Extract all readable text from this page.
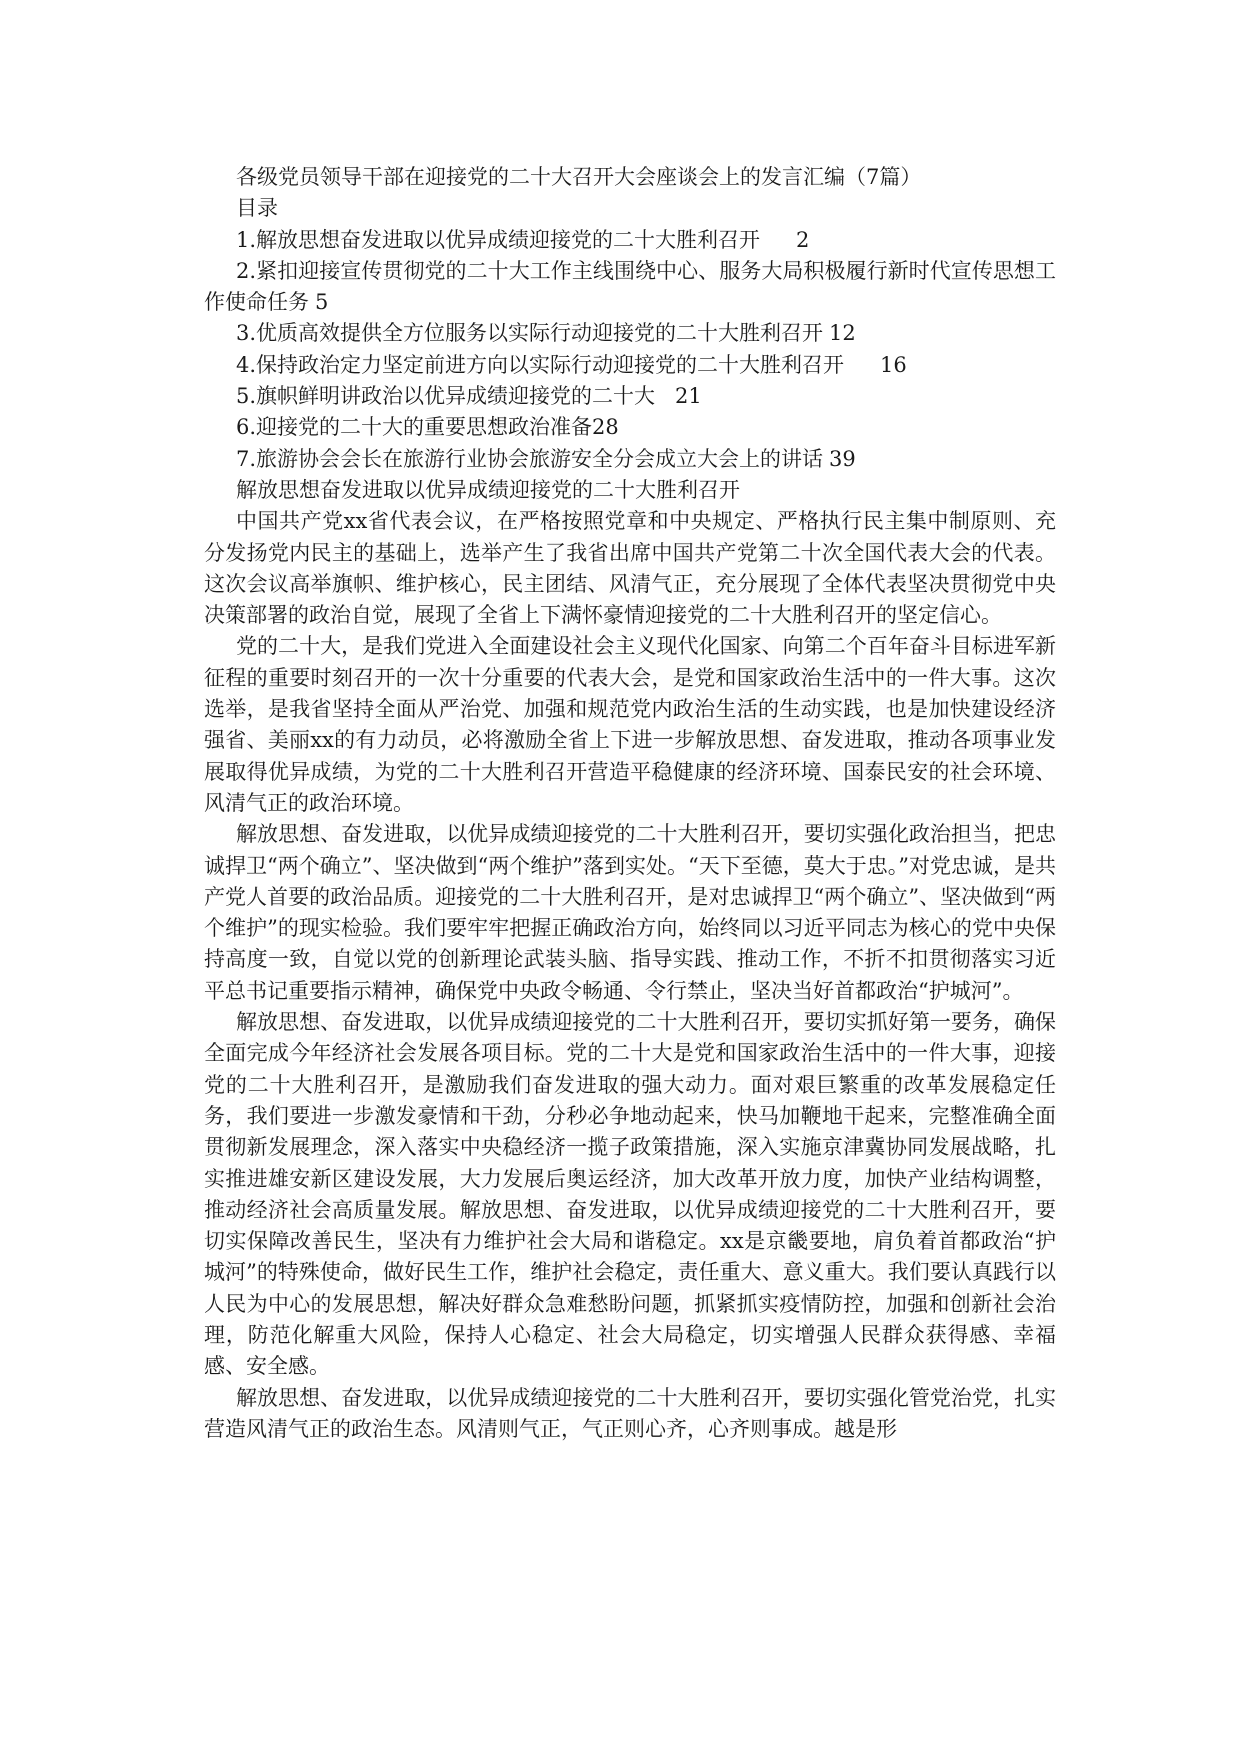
各级党员领导干部在迎接党的二十大召开大会座谈会上的发言汇编（7篇）

目录

1.解放思想奋发进取以优异成绩迎接党的二十大胜利召开 2

2.紧扣迎接宣传贯彻党的二十大工作主线围绕中心、服务大局积极履行新时代宣传思想工作使命任务 5

3.优质高效提供全方位服务以实际行动迎接党的二十大胜利召开 12

4.保持政治定力坚定前进方向以实际行动迎接党的二十大胜利召开 16

5.旗帜鲜明讲政治以优异成绩迎接党的二十大 21

6.迎接党的二十大的重要思想政治准备28

7.旅游协会会长在旅游行业协会旅游安全分会成立大会上的讲话 39

解放思想奋发进取以优异成绩迎接党的二十大胜利召开

中国共产党xx省代表会议，在严格按照党章和中央规定、严格执行民主集中制原则、充分发扬党内民主的基础上，选举产生了我省出席中国共产党第二十次全国代表大会的代表。这次会议高举旗帜、维护核心，民主团结、风清气正，充分展现了全体代表坚决贯彻党中央决策部署的政治自觉，展现了全省上下满怀豪情迎接党的二十大胜利召开的坚定信心。

党的二十大，是我们党进入全面建设社会主义现代化国家、向第二个百年奋斗目标进军新征程的重要时刻召开的一次十分重要的代表大会，是党和国家政治生活中的一件大事。这次选举，是我省坚持全面从严治党、加强和规范党内政治生活的生动实践，也是加快建设经济强省、美丽xx的有力动员，必将激励全省上下进一步解放思想、奋发进取，推动各项事业发展取得优异成绩，为党的二十大胜利召开营造平稳健康的经济环境、国泰民安的社会环境、风清气正的政治环境。

解放思想、奋发进取，以优异成绩迎接党的二十大胜利召开，要切实强化政治担当，把忠诚捍卫“两个确立”、坚决做到“两个维护”落到实处。“天下至德，莫大于忠。”对党忠诚，是共产党人首要的政治品质。迎接党的二十大胜利召开，是对忠诚捍卫“两个确立”、坚决做到“两个维护”的现实检验。我们要牢牢把握正确政治方向，始终同以习近平同志为核心的党中央保持高度一致，自觉以党的创新理论武装头脑、指导实践、推动工作，不折不扣贯彻落实习近平总书记重要指示精神，确保党中央政令畅通、令行禁止，坚决当好首都政治“护城河”。

解放思想、奋发进取，以优异成绩迎接党的二十大胜利召开，要切实抓好第一要务，确保全面完成今年经济社会发展各项目标。党的二十大是党和国家政治生活中的一件大事，迎接党的二十大胜利召开，是激励我们奋发进取的强大动力。面对艰巨繁重的改革发展稳定任务，我们要进一步激发豪情和干劲，分秒必争地动起来，快马加鞭地干起来，完整准确全面贯彻新发展理念，深入落实中央稳经济一揽子政策措施，深入实施京津冀协同发展战略，扎实推进雄安新区建设发展，大力发展后奥运经济，加大改革开放力度，加快产业结构调整，推动经济社会高质量发展。解放思想、奋发进取，以优异成绩迎接党的二十大胜利召开，要切实保障改善民生，坚决有力维护社会大局和谐稳定。xx是京畿要地，肩负着首都政治“护城河”的特殊使命，做好民生工作，维护社会稳定，责任重大、意义重大。我们要认真践行以人民为中心的发展思想，解决好群众急难愁盼问题，抓紧抓实疫情防控，加强和创新社会治理，防范化解重大风险，保持人心稳定、社会大局稳定，切实增强人民群众获得感、幸福感、安全感。

解放思想、奋发进取，以优异成绩迎接党的二十大胜利召开，要切实强化管党治党，扎实营造风清气正的政治生态。风清则气正，气正则心齐，心齐则事成。越是形
